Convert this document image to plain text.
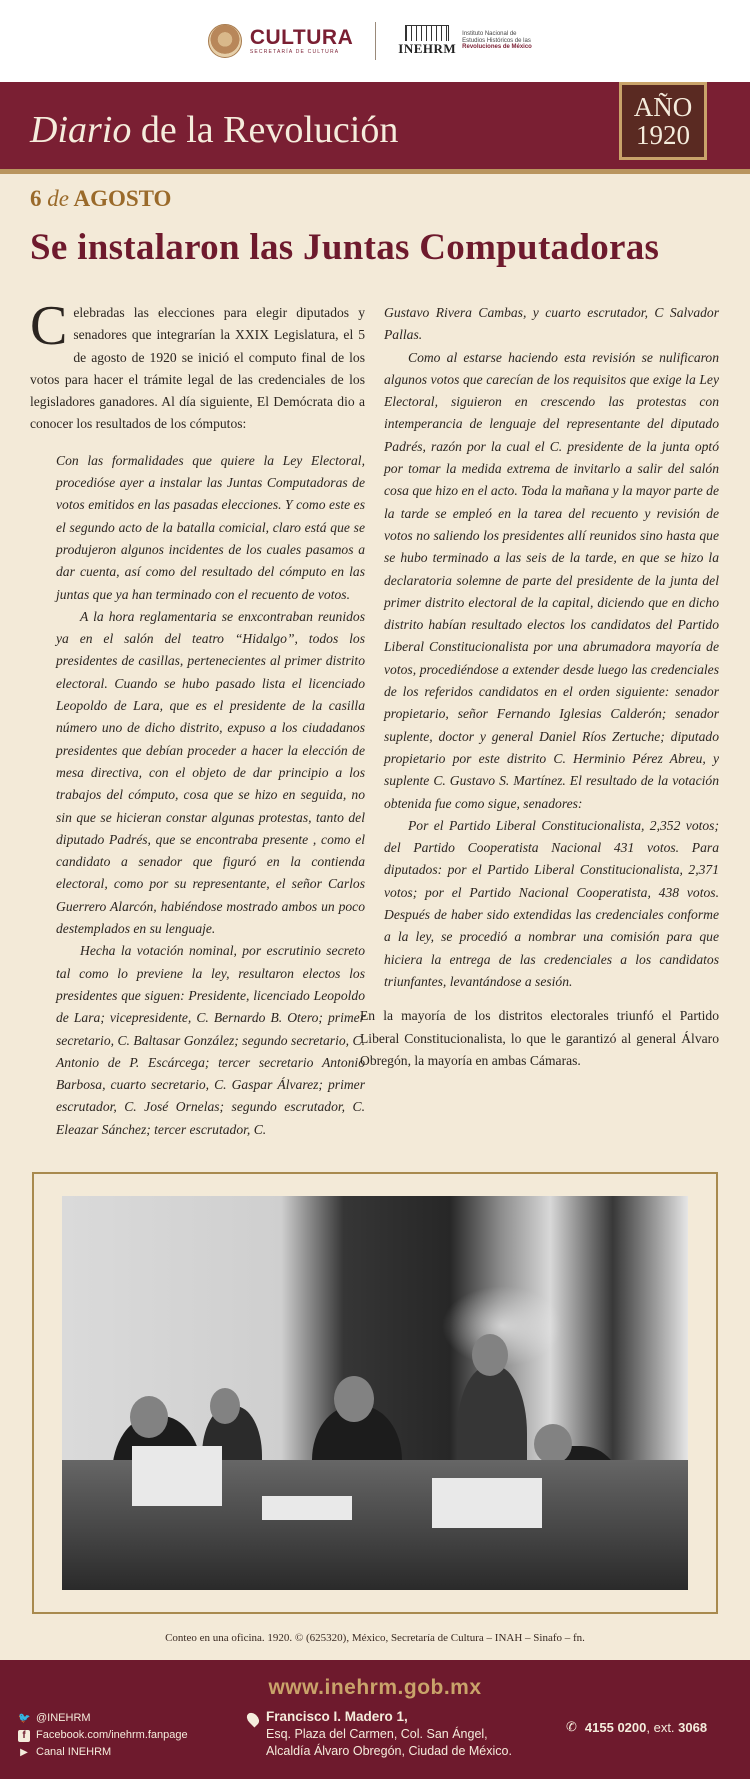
CULTURA
SECRETARÍA DE CULTURA	INEHRM
Instituto Nacional de
Estudios Históricos de las
Revoluciones de México
Diario de la Revolución
AÑO
1920
6 de AGOSTO
Se instalaron las Juntas Computadoras

Celebradas las elecciones para elegir diputados y senadores que integrarían la XXIX Legislatura, el 5 de agosto de 1920 se inició el computo final de los votos para hacer el trámite legal de las credenciales de los legisladores ganadores. Al día siguiente, El Demócrata dio a conocer los resultados de los cómputos:

Con las formalidades que quiere la Ley Electoral, procedióse ayer a instalar las Juntas Computadoras de votos emitidos en las pasadas elecciones. Y como este es el segundo acto de la batalla comicial, claro está que se produjeron algunos incidentes de los cuales pasamos a dar cuenta, así como del resultado del cómputo en las juntas que ya han terminado con el recuento de votos.

A la hora reglamentaria se enxcontraban reunidos ya en el salón del teatro “Hidalgo”, todos los presidentes de casillas, pertenecientes al primer distrito electoral. Cuando se hubo pasado lista el licenciado Leopoldo de Lara, que es el presidente de la casilla número uno de dicho distrito, expuso a los ciudadanos presidentes que debían proceder a hacer la elección de mesa directiva, con el objeto de dar principio a los trabajos del cómputo, cosa que se hizo en seguida, no sin que se hicieran constar algunas protestas, tanto del diputado Padrés, que se encontraba presente , como el candidato a senador que figuró en la contienda electoral, como por su representante, el señor Carlos Guerrero Alarcón, habiéndose mostrado ambos un poco destemplados en su lenguaje.

Hecha la votación nominal, por escrutinio secreto tal como lo previene la ley, resultaron electos los presidentes que siguen: Presidente, licenciado Leopoldo de Lara; vicepresidente, C. Bernardo B. Otero; primer secretario, C. Baltasar González; segundo secretario, C. Antonio de P. Escárcega; tercer secretario Antonio Barbosa, cuarto secretario, C. Gaspar Álvarez; primer escrutador, C. José Ornelas; segundo escrutador, C. Eleazar Sánchez; tercer escrutador, C.

Gustavo Rivera Cambas, y cuarto escrutador, C Salvador Pallas.

Como al estarse haciendo esta revisión se nulificaron algunos votos que carecían de los requisitos que exige la Ley Electoral, siguieron en crescendo las protestas con intemperancia de lenguaje del representante del diputado Padrés, razón por la cual el C. presidente de la junta optó por tomar la medida extrema de invitarlo a salir del salón cosa que hizo en el acto. Toda la mañana y la mayor parte de la tarde se empleó en la tarea del recuento y revisión de votos no saliendo los presidentes allí reunidos sino hasta que se hubo terminado a las seis de la tarde, en que se hizo la declaratoria solemne de parte del presidente de la junta del primer distrito electoral de la capital, diciendo que en dicho distrito habían resultado electos los candidatos del Partido Liberal Constitucionalista por una abrumadora mayoría de votos, procediéndose a extender desde luego las credenciales de los referidos candidatos en el orden siguiente: senador propietario, señor Fernando Iglesias Calderón; senador suplente, doctor y general Daniel Ríos Zertuche; diputado propietario por este distrito C. Herminio Pérez Abreu, y suplente C. Gustavo S. Martínez. El resultado de la votación obtenida fue como sigue, senadores:

Por el Partido Liberal Constitucionalista, 2,352 votos; del Partido Cooperatista Nacional 431 votos. Para diputados: por el Partido Liberal Constitucionalista, 2,371 votos; por el Partido Nacional Cooperatista, 438 votos. Después de haber sido extendidas las credenciales conforme a la ley, se procedió a nombrar una comisión para que hiciera la entrega de las credenciales a los candidatos triunfantes, levantándose a sesión.

En la mayoría de los distritos electorales triunfó el Partido Liberal Constitucionalista, lo que le garantizó al general Álvaro Obregón, la mayoría en ambas Cámaras.

Conteo en una oficina. 1920. © (625320), México, Secretaría de Cultura – INAH – Sinafo – fn.
www.inehrm.gob.mx
🐦 @INEHRM
f Facebook.com/inehrm.fanpage
▶ Canal INEHRM
Francisco I. Madero 1,
Esq. Plaza del Carmen, Col. San Ángel,
Alcaldía Álvaro Obregón, Ciudad de México.
✆ 4155 0200, ext. 3068
